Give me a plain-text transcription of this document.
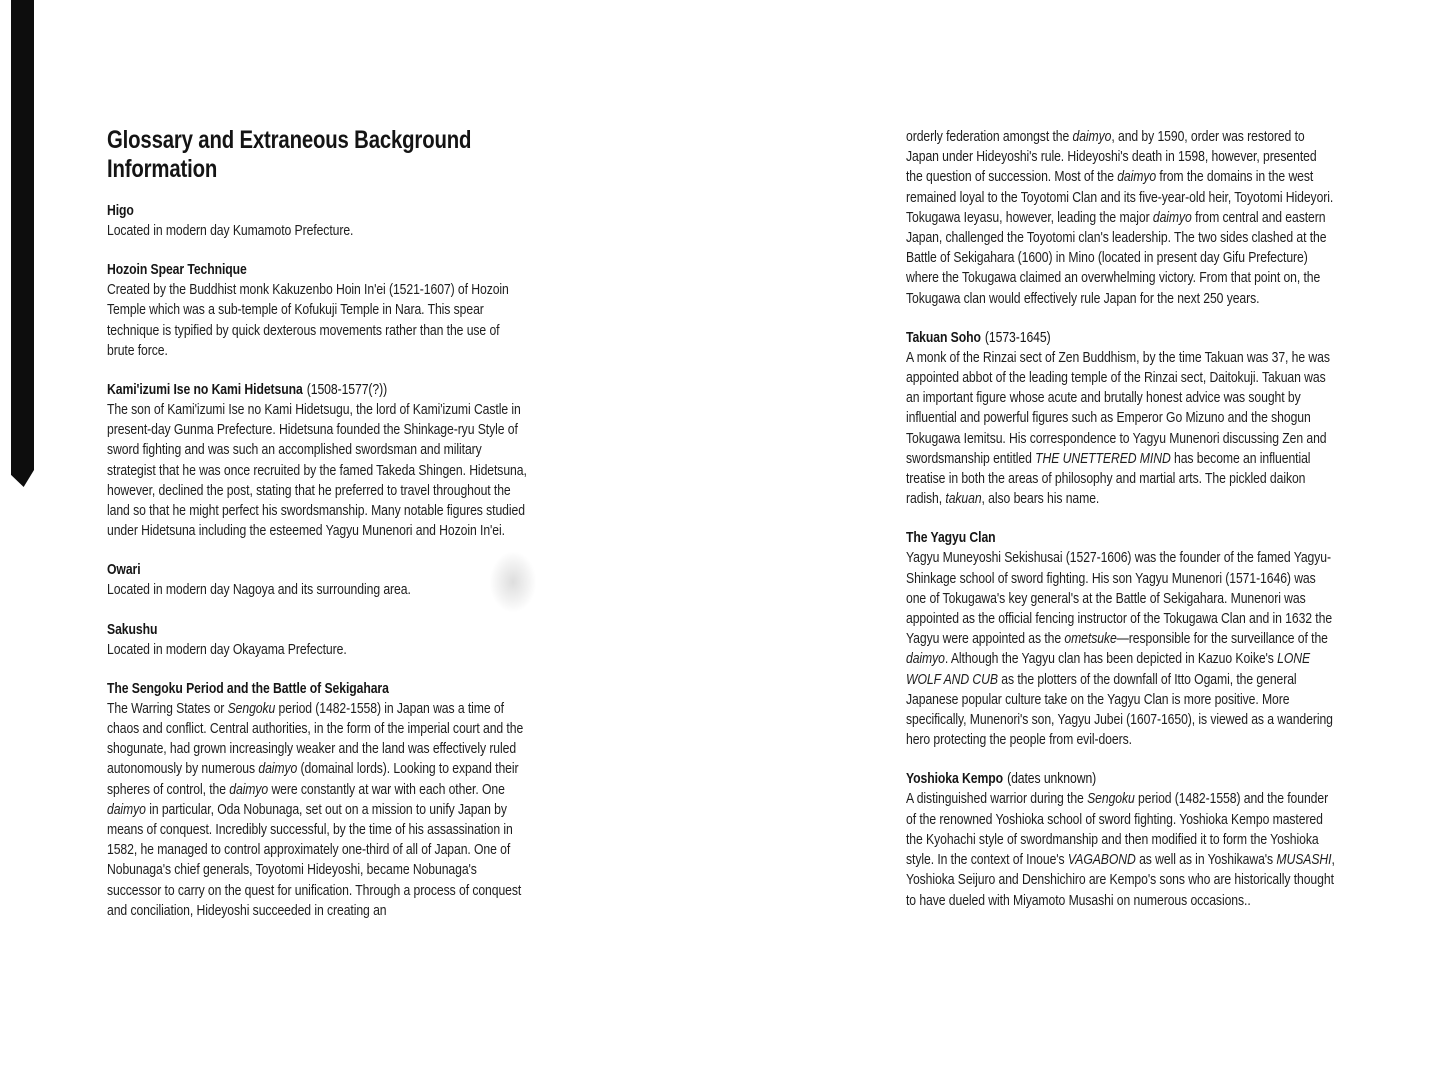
Glossary and Extraneous Background Information
Higo

Located in modern day Kumamoto Prefecture.

Hozoin Spear Technique

Created by the Buddhist monk Kakuzenbo Hoin In'ei (1521-1607) of Hozoin Temple which was a sub-temple of Kofukuji Temple in Nara. This spear technique is typified by quick dexterous movements rather than the use of brute force.

Kami'izumi Ise no Kami Hidetsuna (1508-1577(?))

The son of Kami'izumi Ise no Kami Hidetsugu, the lord of Kami'izumi Castle in present-day Gunma Prefecture. Hidetsuna founded the Shinkage-ryu Style of sword fighting and was such an accomplished swordsman and military strategist that he was once recruited by the famed Takeda Shingen. Hidetsuna, however, declined the post, stating that he preferred to travel throughout the land so that he might perfect his swordsmanship. Many notable figures studied under Hidetsuna including the esteemed Yagyu Munenori and Hozoin In'ei.

Owari

Located in modern day Nagoya and its surrounding area.

Sakushu

Located in modern day Okayama Prefecture.

The Sengoku Period and the Battle of Sekigahara

The Warring States or Sengoku period (1482-1558) in Japan was a time of chaos and conflict. Central authorities, in the form of the imperial court and the shogunate, had grown increasingly weaker and the land was effectively ruled autonomously by numerous daimyo (domainal lords). Looking to expand their spheres of control, the daimyo were constantly at war with each other. One daimyo in particular, Oda Nobunaga, set out on a mission to unify Japan by means of conquest. Incredibly successful, by the time of his assassination in 1582, he managed to control approximately one-third of all of Japan. One of Nobunaga's chief generals, Toyotomi Hideyoshi, became Nobunaga's successor to carry on the quest for unification. Through a process of conquest and conciliation, Hideyoshi succeeded in creating an

orderly federation amongst the daimyo, and by 1590, order was restored to Japan under Hideyoshi's rule. Hideyoshi's death in 1598, however, presented the question of succession. Most of the daimyo from the domains in the west remained loyal to the Toyotomi Clan and its five-year-old heir, Toyotomi Hideyori. Tokugawa Ieyasu, however, leading the major daimyo from central and eastern Japan, challenged the Toyotomi clan's leadership. The two sides clashed at the Battle of Sekigahara (1600) in Mino (located in present day Gifu Prefecture) where the Tokugawa claimed an overwhelming victory. From that point on, the Tokugawa clan would effectively rule Japan for the next 250 years.

Takuan Soho (1573-1645)

A monk of the Rinzai sect of Zen Buddhism, by the time Takuan was 37, he was appointed abbot of the leading temple of the Rinzai sect, Daitokuji. Takuan was an important figure whose acute and brutally honest advice was sought by influential and powerful figures such as Emperor Go Mizuno and the shogun Tokugawa Iemitsu. His correspondence to Yagyu Munenori discussing Zen and swordsmanship entitled THE UNETTERED MIND has become an influential treatise in both the areas of philosophy and martial arts. The pickled daikon radish, takuan, also bears his name.

The Yagyu Clan

Yagyu Muneyoshi Sekishusai (1527-1606) was the founder of the famed Yagyu-Shinkage school of sword fighting. His son Yagyu Munenori (1571-1646) was one of Tokugawa's key general's at the Battle of Sekigahara. Munenori was appointed as the official fencing instructor of the Tokugawa Clan and in 1632 the Yagyu were appointed as the ometsuke—responsible for the surveillance of the daimyo. Although the Yagyu clan has been depicted in Kazuo Koike's LONE WOLF AND CUB as the plotters of the downfall of Itto Ogami, the general Japanese popular culture take on the Yagyu Clan is more positive. More specifically, Munenori's son, Yagyu Jubei (1607-1650), is viewed as a wandering hero protecting the people from evil-doers.

Yoshioka Kempo (dates unknown)

A distinguished warrior during the Sengoku period (1482-1558) and the founder of the renowned Yoshioka school of sword fighting. Yoshioka Kempo mastered the Kyohachi style of swordmanship and then modified it to form the Yoshioka style. In the context of Inoue's VAGABOND as well as in Yoshikawa's MUSASHI, Yoshioka Seijuro and Denshichiro are Kempo's sons who are historically thought to have dueled with Miyamoto Musashi on numerous occasions..
